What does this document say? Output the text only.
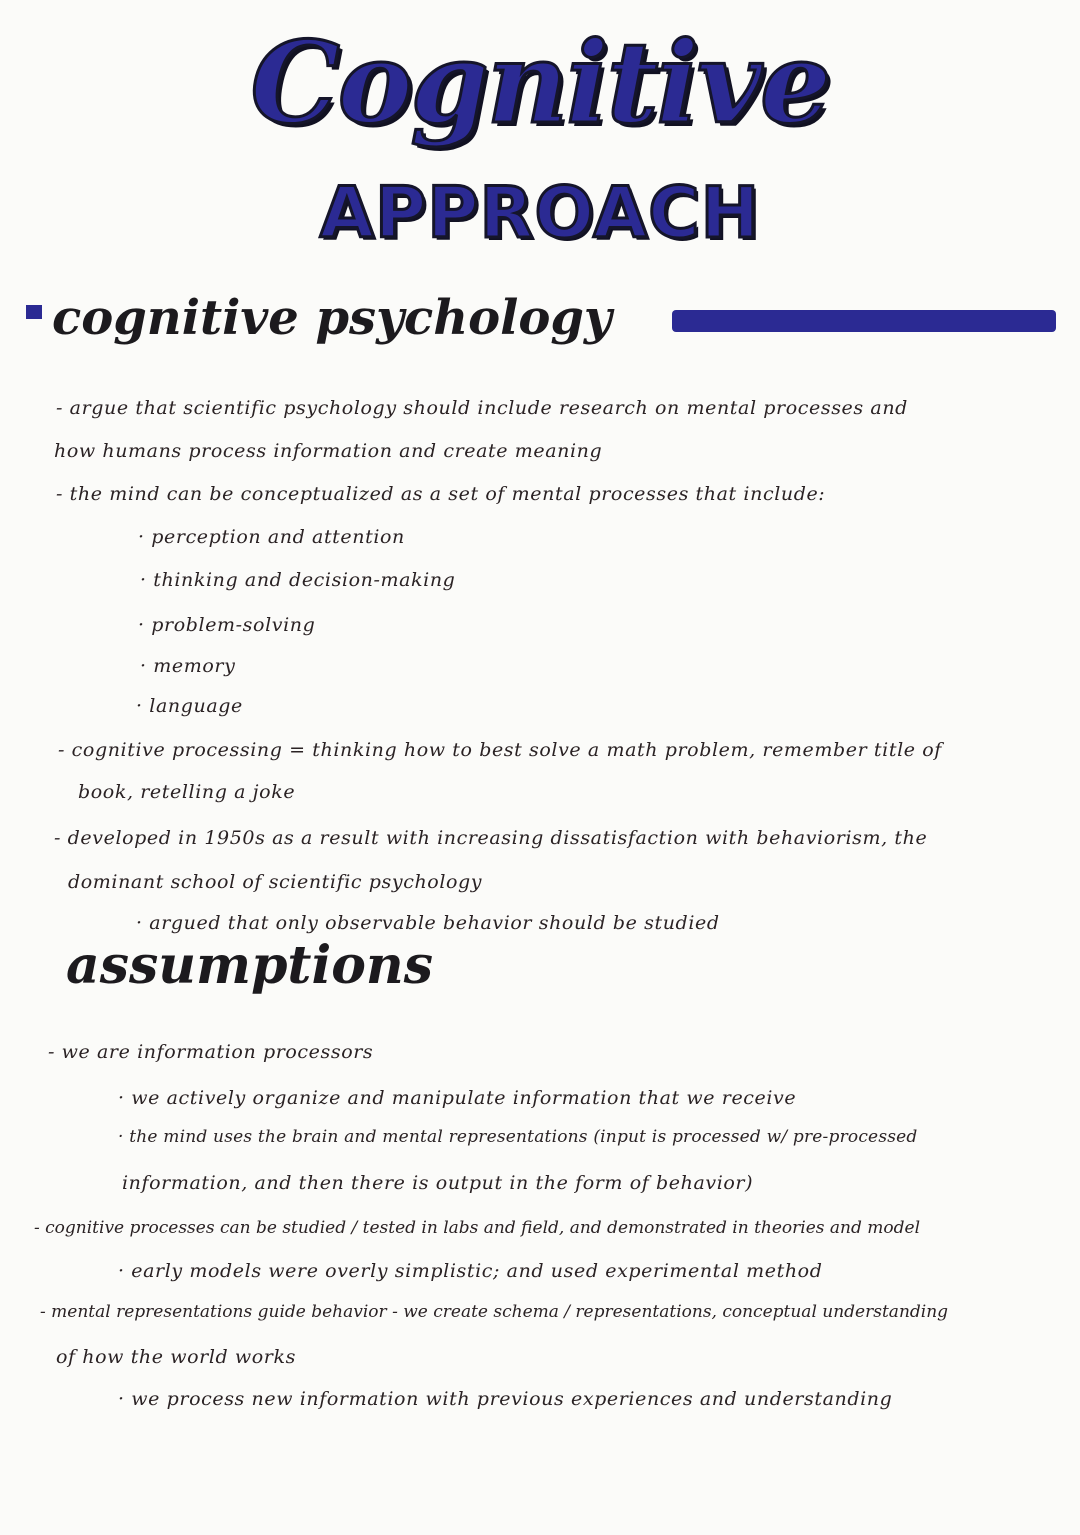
Cognitive
APPROACH
cognitive psychology
- argue that scientific psychology should include research on mental processes and
how humans process information and create meaning
- the mind can be conceptualized as a set of mental processes that include:
· perception and attention
· thinking and decision-making
· problem-solving
· memory
· language
- cognitive processing = thinking how to best solve a math problem, remember title of
book, retelling a joke
- developed in 1950s as a result with increasing dissatisfaction with behaviorism, the
dominant school of scientific psychology
· argued that only observable behavior should be studied
assumptions
- we are information processors
· we actively organize and manipulate information that we receive
· the mind uses the brain and mental representations (input is processed w/ pre-processed
information, and then there is output in the form of behavior)
- cognitive processes can be studied / tested in labs and field, and demonstrated in theories and model
· early models were overly simplistic; and used experimental method
- mental representations guide behavior - we create schema / representations, conceptual understanding
of how the world works
· we process new information with previous experiences and understanding
